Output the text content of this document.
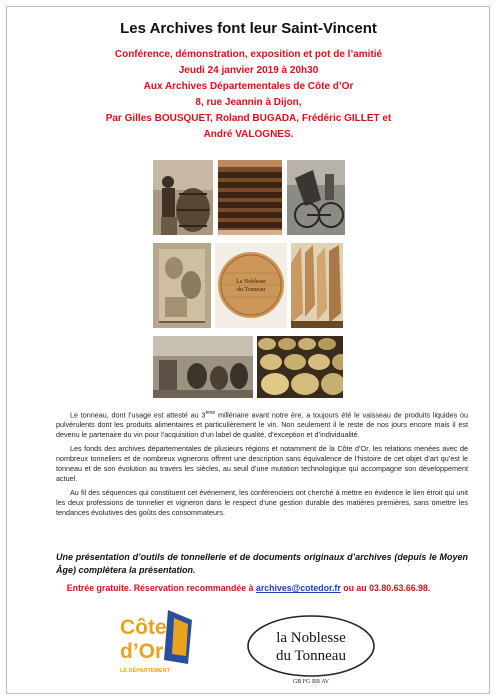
Les Archives font leur Saint-Vincent
Conférence, démonstration, exposition et pot de l’amitié
Jeudi 24 janvier 2019 à 20h30
Aux Archives Départementales de Côte d’Or
8, rue Jeannin à Dijon,
Par Gilles BOUSQUET, Roland BUGADA, Frédéric GILLET et
André VALOGNES.
La Noblesse
du Tonneau

Le tonneau, dont l’usage est attesté au 3ème millénaire avant notre ère, a toujours été le vaisseau de produits liquides ou pulvérulents dont les produits alimentaires et particulièrement le vin. Non seulement il le reste de nos jours encore mais il est devenu le partenaire du vin pour l’acquisition d’un label de qualité, d’exception et d’individualité.

Les fonds des archives départementales de plusieurs régions et notamment de la Côte d’Or, les relations menées avec de nombreux tonneliers et de nombreux vignerons offrent une description sans équivalence de l’histoire de cet objet d’art qu’est le tonneau et de son évolution au travers les siècles, au seuil d’une mutation technologique qui accompagne son développement actuel.

Au fil des séquences qui constituent cet événement, les conférenciers ont cherché à mettre en évidence le lien étroit qui unit les deux professions de tonnelier et vigneron dans le respect d’une gestion durable des matières premières, sans omettre les tendances évolutives des goûts des consommateurs.

Une présentation d’outils de tonnellerie et de documents originaux d’archives (depuis le Moyen Âge) complètera la présentation.
Entrée gratuite. Réservation recommandée à archives@cotedor.fr ou au 03.80.63.66.98.
Côte
d’Or
LE DÉPARTEMENT
la Noblesse
du Tonneau
GB FG RB AV
